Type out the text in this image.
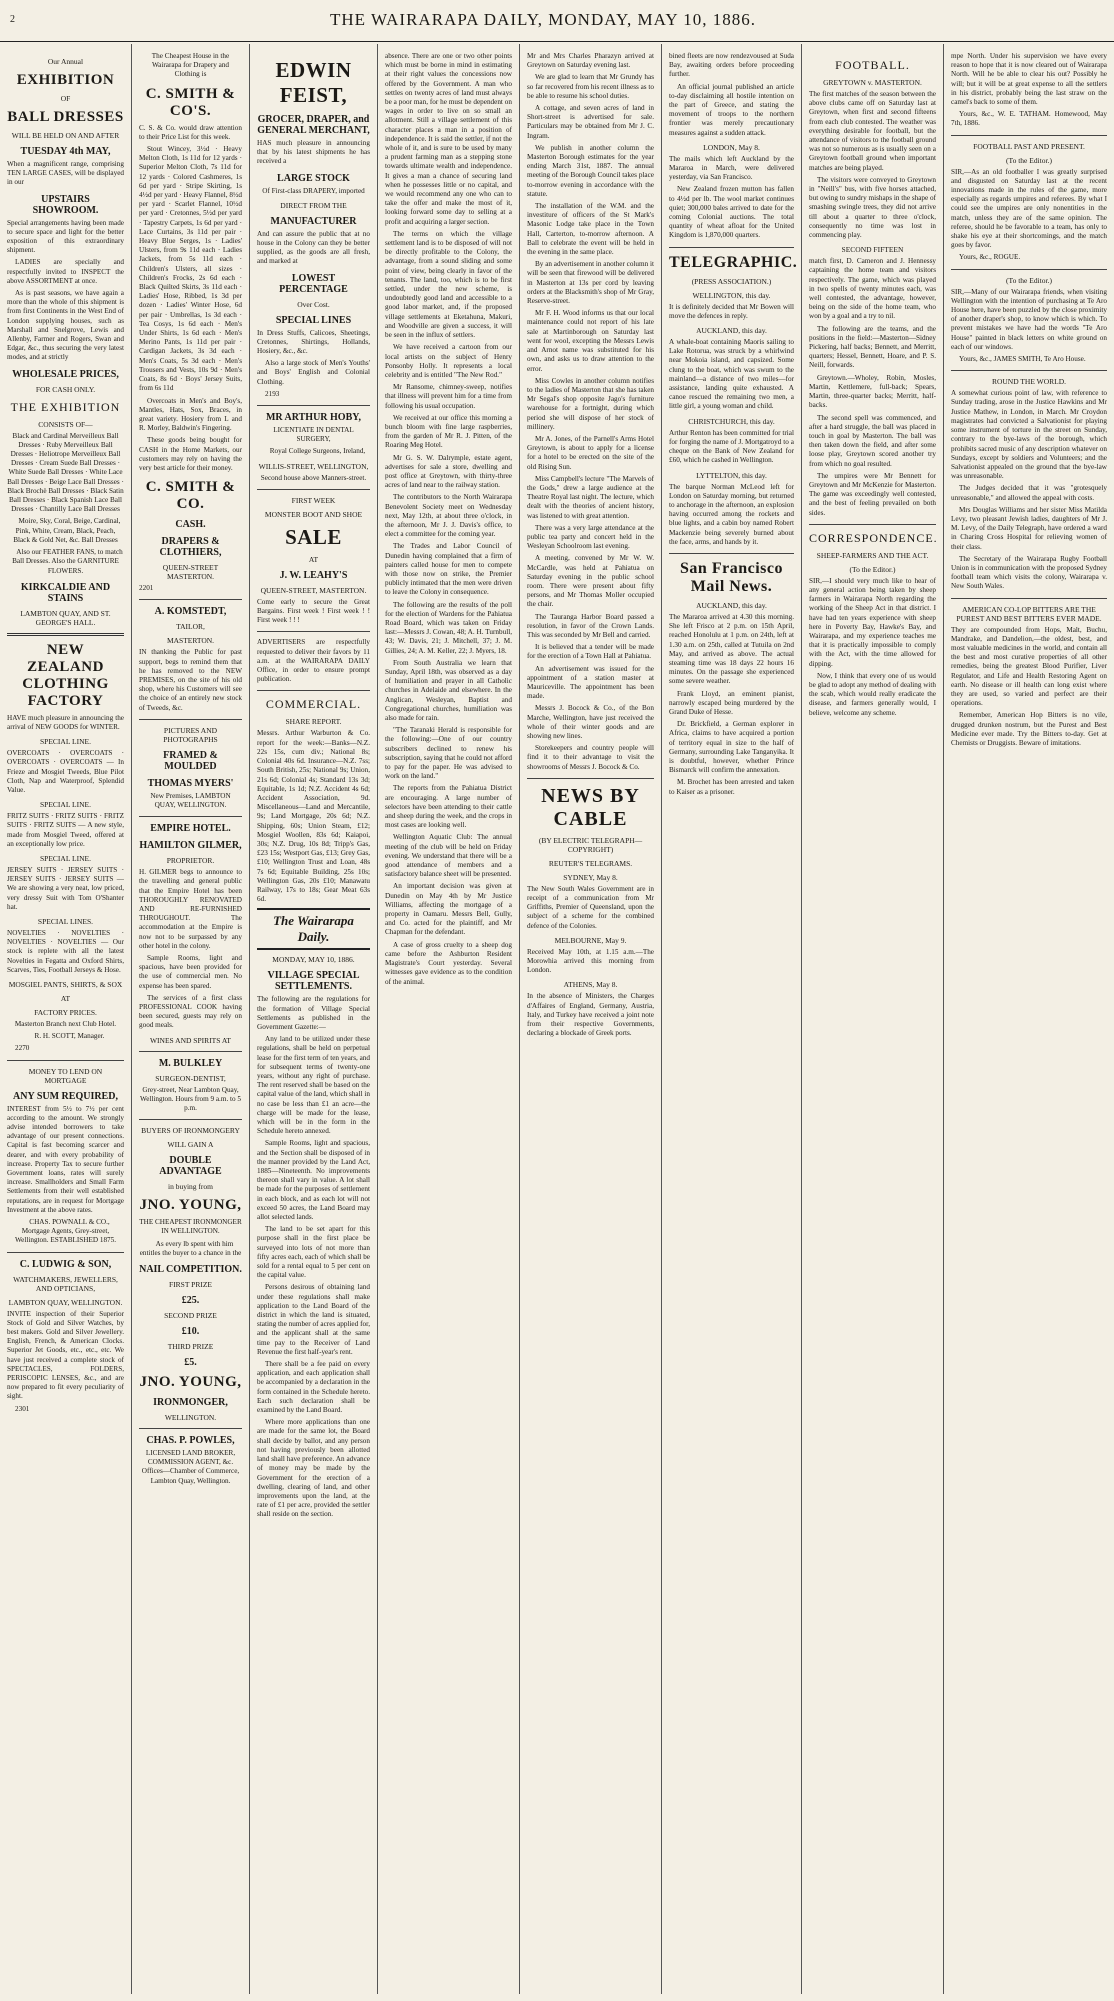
2	THE WAIRARAPA DAILY, MONDAY, MAY 10, 1886.
Our Annual
EXHIBITION
OF
BALL DRESSES
WILL BE HELD ON AND AFTER
TUESDAY 4th MAY,
When a magnificent range, comprising TEN LARGE CASES, will be displayed in our
UPSTAIRS SHOWROOM.
Special arrangements having been made to secure space and light for the better exposition of this extraordinary shipment.
LADIES are specially and respectfully invited to INSPECT the above ASSORTMENT at once.
As is past seasons, we have again a more than the whole of this shipment is from first Continents in the West End of London supplying houses, such as Marshall and Snelgrove, Lewis and Allenby, Farmer and Rogers, Swan and Edgar, &c., thus securing the very latest modes, and at strictly
WHOLESALE PRICES,
FOR CASH ONLY.
THE EXHIBITION
CONSISTS OF—
Black and Cardinal Merveilleux Ball Dresses · Ruby Merveilleux Ball Dresses · Heliotrope Merveilleux Ball Dresses · Cream Suede Ball Dresses · White Suede Ball Dresses · White Lace Ball Dresses · Beige Lace Ball Dresses · Black Brochè Ball Dresses · Black Satin Ball Dresses · Black Spanish Lace Ball Dresses · Chantilly Lace Ball Dresses
Moire, Sky, Coral, Beige, Cardinal, Pink, White, Cream, Black, Peach, Black & Gold Net, &c. Ball Dresses
Also our FEATHER FANS, to match Ball Dresses. Also the GARNITURE FLOWERS.
KIRKCALDIE AND STAINS
LAMBTON QUAY, AND ST. GEORGE'S HALL.
NEW ZEALAND CLOTHING FACTORY
HAVE much pleasure in announcing the arrival of NEW GOODS for WINTER.
SPECIAL LINE.
OVERCOATS · OVERCOATS · OVERCOATS · OVERCOATS — In Frieze and Mosgiel Tweeds, Blue Pilot Cloth, Nap and Waterproof, Splendid Value.
SPECIAL LINE.
FRITZ SUITS · FRITZ SUITS · FRITZ SUITS · FRITZ SUITS — A new style, made from Mosgiel Tweed, offered at an exceptionally low price.
SPECIAL LINE.
JERSEY SUITS · JERSEY SUITS · JERSEY SUITS · JERSEY SUITS — We are showing a very neat, low priced, very dressy Suit with Tom O'Shanter hat.
SPECIAL LINES.
NOVELTIES · NOVELTIES · NOVELTIES · NOVELTIES — Our stock is replete with all the latest Novelties in Fegatta and Oxford Shirts, Scarves, Ties, Football Jerseys & Hose.
MOSGIEL PANTS, SHIRTS, & SOX
AT
FACTORY PRICES.
Masterton Branch next Club Hotel.
R. H. SCOTT, Manager.
2270
MONEY TO LEND ON MORTGAGE
ANY SUM REQUIRED,
INTEREST from 5½ to 7½ per cent according to the amount. We strongly advise intended borrowers to take advantage of our present connections. Capital is fast becoming scarcer and dearer, and with every probability of increase. Property Tax to secure further Government loans, rates will surely increase. Smallholders and Small Farm Settlements from their well established reputations, are in request for Mortgage Investment at the above rates.
CHAS. POWNALL & CO., Mortgage Agents, Grey-street, Wellington. ESTABLISHED 1875.
C. LUDWIG & SON,
WATCHMAKERS, JEWELLERS, AND OPTICIANS,
LAMBTON QUAY, WELLINGTON.
INVITE inspection of their Superior Stock of Gold and Silver Watches, by best makers. Gold and Silver Jewellery. English, French, & American Clocks. Superior Jet Goods, etc., etc., etc. We have just received a complete stock of SPECTACLES, FOLDERS, PERISCOPIC LENSES, &c., and are now prepared to fit every peculiarity of sight.
2301
The Cheapest House in the Wairarapa for Drapery and Clothing is
C. SMITH & CO'S.
C. S. & Co. would draw attention to their Price List for this week.
Stout Wincey, 3½d · Heavy Melton Cloth, 1s 11d for 12 yards · Superior Melton Cloth, 7s 11d for 12 yards · Colored Cashmeres, 1s 6d per yard · Stripe Skirting, 1s 4½d per yard · Heavy Flannel, 8½d per yard · Scarlet Flannel, 10½d per yard · Cretonnes, 5½d per yard · Tapestry Carpets, 1s 6d per yard · Lace Curtains, 3s 11d per pair · Heavy Blue Serges, 1s · Ladies' Ulsters, from 9s 11d each · Ladies Jackets, from 5s 11d each · Children's Ulsters, all sizes · Children's Frocks, 2s 6d each · Black Quilted Skirts, 3s 11d each · Ladies' Hose, Ribbed, 1s 3d per dozen · Ladies' Winter Hose, 6d per pair · Umbrellas, 1s 3d each · Tea Cosys, 1s 6d each · Men's Under Shirts, 1s 6d each · Men's Merino Pants, 1s 11d per pair · Cardigan Jackets, 3s 3d each · Men's Coats, 5s 3d each · Men's Trousers and Vests, 10s 9d · Men's Coats, 8s 6d · Boys' Jersey Suits, from 6s 11d
Overcoats in Men's and Boy's, Mantles, Hats, Sox, Braces, in great variety. Hosiery from L and R. Morley, Baldwin's Fingering.
These goods being bought for CASH in the Home Markets, our customers may rely on having the very best article for their money.
C. SMITH & CO.
CASH.
DRAPERS & CLOTHIERS,
QUEEN-STREET MASTERTON.
2201
A. KOMSTEDT,
TAILOR,
MASTERTON.
IN thanking the Public for past support, begs to remind them that he has removed to the NEW PREMISES, on the site of his old shop, where his Customers will see the choice of an entirely new stock of Tweeds, &c.
PICTURES AND PHOTOGRAPHS
FRAMED & MOULDED
THOMAS MYERS'
New Premises, LAMBTON QUAY, WELLINGTON.
EMPIRE HOTEL.
HAMILTON GILMER,
PROPRIETOR.
H. GILMER begs to announce to the travelling and general public that the Empire Hotel has been THOROUGHLY RENOVATED AND RE-FURNISHED THROUGHOUT. The accommodation at the Empire is now not to be surpassed by any other hotel in the colony.
Sample Rooms, light and spacious, have been provided for the use of commercial men. No expense has been spared.
The services of a first class PROFESSIONAL COOK having been secured, guests may rely on good meals.
WINES AND SPIRITS AT
M. BULKLEY
SURGEON-DENTIST,
Grey-street, Near Lambton Quay, Wellington. Hours from 9 a.m. to 5 p.m.
BUYERS OF IRONMONGERY
WILL GAIN A
DOUBLE ADVANTAGE
in buying from
JNO. YOUNG,
THE CHEAPEST IRONMONGER IN WELLINGTON.
As every lb spent with him entitles the buyer to a chance in the
NAIL COMPETITION.
FIRST PRIZE
£25.
SECOND PRIZE
£10.
THIRD PRIZE
£5.
JNO. YOUNG,
IRONMONGER,
WELLINGTON.
CHAS. P. POWLES,
LICENSED LAND BROKER, COMMISSION AGENT, &c. Offices—Chamber of Commerce, Lambton Quay, Wellington.
EDWIN FEIST,
GROCER, DRAPER, and GENERAL MERCHANT,
HAS much pleasure in announcing that by his latest shipments he has received a
LARGE STOCK
Of First-class DRAPERY, imported
DIRECT FROM THE
MANUFACTURER
And can assure the public that at no house in the Colony can they be better supplied, as the goods are all fresh, and marked at
LOWEST PERCENTAGE
Over Cost.
SPECIAL LINES
In Dress Stuffs, Calicoes, Sheetings, Cretonnes, Shirtings, Hollands, Hosiery, &c., &c.
Also a large stock of Men's Youths' and Boys' English and Colonial Clothing.
2193
MR ARTHUR HOBY,
LICENTIATE IN DENTAL SURGERY,
Royal College Surgeons, Ireland,
WILLIS-STREET, WELLINGTON,
Second house above Manners-street.
FIRST WEEK
MONSTER BOOT AND SHOE
SALE
AT
J. W. LEAHY'S
QUEEN-STREET, MASTERTON.
Come early to secure the Great Bargains. First week ! First week ! ! First week ! ! !
ADVERTISERS are respectfully requested to deliver their favors by 11 a.m. at the WAIRARAPA DAILY Office, in order to ensure prompt publication.
COMMERCIAL.
SHARE REPORT.
Messrs. Arthur Warburton & Co. report for the week:—Banks—N.Z. 22s 15s, cum div.; National 8s; Colonial 40s 6d. Insurance—N.Z. 7ss; South British, 25s; National 9s; Union, 21s 6d; Colonial 4s; Standard 13s 3d; Equitable, 1s 1d; N.Z. Accident 4s 6d; Accident Association, 9d. Miscellaneous—Land and Mercantile, 9s; Land Mortgage, 20s 6d; N.Z. Shipping, 60s; Union Steam, £12; Mosgiel Woollen, 83s 6d; Kaiapoi, 30s; N.Z. Drug, 10s 8d; Tripp's Gas, £23 15s; Westport Gas, £13; Grey Gas, £10; Wellington Trust and Loan, 48s 7s 6d; Equitable Building, 25s 10s; Wellington Gas, 20s £10; Manawatu Railway, 17s to 18s; Gear Meat 63s 6d.
The Wairarapa Daily.
MONDAY, MAY 10, 1886.
VILLAGE SPECIAL SETTLEMENTS.
The following are the regulations for the formation of Village Special Settlements as published in the Government Gazette:—
Any land to be utilized under these regulations, shall be held on perpetual lease for the first term of ten years, and for subsequent terms of twenty-one years, without any right of purchase. The rent reserved shall be based on the capital value of the land, which shall in no case be less than £1 an acre—the charge will be made for the lease, which will be in the form in the Schedule hereto annexed.
Sample Rooms, light and spacious, and the Section shall be disposed of in the manner provided by the Land Act, 1885—Nineteenth. No improvements thereon shall vary in value. A lot shall be made for the purposes of settlement in each block, and as each lot will not exceed 50 acres, the Land Board may allot selected lands.
The land to be set apart for this purpose shall in the first place be surveyed into lots of not more than fifty acres each, each of which shall be sold for a rental equal to 5 per cent on the capital value.
Persons desirous of obtaining land under these regulations shall make application to the Land Board of the district in which the land is situated, stating the number of acres applied for, and the applicant shall at the same time pay to the Receiver of Land Revenue the first half-year's rent.
There shall be a fee paid on every application, and each application shall be accompanied by a declaration in the form contained in the Schedule hereto. Each such declaration shall be examined by the Land Board.
Where more applications than one are made for the same lot, the Board shall decide by ballot, and any person not having previously been allotted land shall have preference. An advance of money may be made by the Government for the erection of a dwelling, clearing of land, and other improvements upon the land, at the rate of £1 per acre, provided the settler shall reside on the section.
absence. There are one or two other points which must be borne in mind in estimating at their right values the concessions now offered by the Government. A man who settles on twenty acres of land must always be a poor man, for he must be dependent on wages in order to live on so small an allotment. Still a village settlement of this character places a man in a position of independence. It is said the settler, if not the whole of it, and is sure to be used by many a prudent farming man as a stepping stone towards ultimate wealth and independence. It gives a man a chance of securing land when he possesses little or no capital, and we would recommend any one who can to take the offer and make the most of it, looking forward some day to selling at a profit and acquiring a larger section.
The terms on which the village settlement land is to be disposed of will not be directly profitable to the Colony, the advantage, from a sound sliding and some point of view, being clearly in favor of the tenants. The land, too, which is to be first settled, under the new scheme, is undoubtedly good land and accessible to a good labor market, and, if the proposed village settlements at Eketahuna, Makuri, and Woodville are given a success, it will be seen in the influx of settlers.
We have received a cartoon from our local artists on the subject of Henry Ponsonby Holly. It represents a local celebrity and is entitled "The New Rod."
Mr Ransome, chimney-sweep, notifies that illness will prevent him for a time from following his usual occupation.
We received at our office this morning a bunch bloom with fine large raspberries, from the garden of Mr R. J. Pitten, of the Roaring Meg Hotel.
Mr G. S. W. Dalrymple, estate agent, advertises for sale a store, dwelling and post office at Greytown, with thirty-three acres of land near to the railway station.
The contributors to the North Wairarapa Benevolent Society meet on Wednesday next, May 12th, at about three o'clock, in the afternoon, Mr J. J. Davis's office, to elect a committee for the coming year.
The Trades and Labor Council of Dunedin having complained that a firm of painters called house for men to compete with those now on strike, the Premier publicly intimated that the men were driven to leave the Colony in consequence.
The following are the results of the poll for the election of Wardens for the Pahiatua Road Board, which was taken on Friday last:—Messrs J. Cowan, 48; A. H. Turnbull, 43; W. Davis, 21; J. Mitchell, 37; J. M. Gillies, 24; A. M. Keller, 22; J. Myers, 18.
From South Australia we learn that Sunday, April 18th, was observed as a day of humiliation and prayer in all Catholic churches in Adelaide and elsewhere. In the Anglican, Wesleyan, Baptist and Congregational churches, humiliation was also made for rain.
"The Taranaki Herald is responsible for the following:—One of our country subscribers declined to renew his subscription, saying that he could not afford to pay for the paper. He was advised to work on the land."
The reports from the Pahiatua District are encouraging. A large number of selectors have been attending to their cattle and sheep during the week, and the crops in most cases are looking well.
Wellington Aquatic Club: The annual meeting of the club will be held on Friday evening. We understand that there will be a good attendance of members and a satisfactory balance sheet will be presented.
An important decision was given at Dunedin on May 4th by Mr Justice Williams, affecting the mortgage of a property in Oamaru. Messrs Bell, Gully, and Co. acted for the plaintiff, and Mr Chapman for the defendant.
A case of gross cruelty to a sheep dog came before the Ashburton Resident Magistrate's Court yesterday. Several witnesses gave evidence as to the condition of the animal.
Mr and Mrs Charles Pharazyn arrived at Greytown on Saturday evening last.
We are glad to learn that Mr Grundy has so far recovered from his recent illness as to be able to resume his school duties.
A cottage, and seven acres of land in Short-street is advertised for sale. Particulars may be obtained from Mr J. C. Ingram.
We publish in another column the Masterton Borough estimates for the year ending March 31st, 1887. The annual meeting of the Borough Council takes place to-morrow evening in accordance with the statute.
The installation of the W.M. and the investiture of officers of the St Mark's Masonic Lodge take place in the Town Hall, Carterton, to-morrow afternoon. A Ball to celebrate the event will be held in the evening in the same place.
By an advertisement in another column it will be seen that firewood will be delivered in Masterton at 13s per cord by leaving orders at the Blacksmith's shop of Mr Gray, Reserve-street.
Mr F. H. Wood informs us that our local maintenance could not report of his late sale at Martinborough on Saturday last went for wool, excepting the Messrs Lewis and Arnot name was substituted for his own, and asks us to draw attention to the error.
Miss Cowles in another column notifies to the ladies of Masterton that she has taken Mr Segal's shop opposite Jago's furniture warehouse for a fortnight, during which period she will dispose of her stock of millinery.
Mr A. Jones, of the Parnell's Arms Hotel Greytown, is about to apply for a license for a hotel to be erected on the site of the old Rising Sun.
Miss Campbell's lecture "The Marvels of the Gods," drew a large audience at the Theatre Royal last night. The lecture, which dealt with the theories of ancient history, was listened to with great attention.
There was a very large attendance at the public tea party and concert held in the Wesleyan Schoolroom last evening.
A meeting, convened by Mr W. W. McCardle, was held at Pahiatua on Saturday evening in the public school room. There were present about fifty persons, and Mr Thomas Moller occupied the chair.
The Tauranga Harbor Board passed a resolution, in favor of the Crown Lands. This was seconded by Mr Bell and carried.
It is believed that a tender will be made for the erection of a Town Hall at Pahiatua.
An advertisement was issued for the appointment of a station master at Mauriceville. The appointment has been made.
Messrs J. Bocock & Co., of the Bon Marche, Wellington, have just received the whole of their winter goods and are showing new lines.
Storekeepers and country people will find it to their advantage to visit the showrooms of Messrs J. Bocock & Co.
NEWS BY CABLE
(BY ELECTRIC TELEGRAPH—COPYRIGHT)
REUTER'S TELEGRAMS.
SYDNEY, May 8.
The New South Wales Government are in receipt of a communication from Mr Griffiths, Premier of Queensland, upon the subject of a scheme for the combined defence of the Colonies.
MELBOURNE, May 9.
Received May 10th, at 1.15 a.m.—The Morowhia arrived this morning from London.
ATHENS, May 8.
In the absence of Ministers, the Charges d'Affaires of England, Germany, Austria, Italy, and Turkey have received a joint note from their respective Governments, declaring a blockade of Greek ports.
bined fleets are now rendezvoused at Suda Bay, awaiting orders before proceeding further.
An official journal published an article to-day disclaiming all hostile intention on the part of Greece, and stating the movement of troops to the northern frontier was merely precautionary measures against a sudden attack.
LONDON, May 8.
The mails which left Auckland by the Mararoa in March, were delivered yesterday, via San Francisco.
New Zealand frozen mutton has fallen to 4½d per lb. The wool market continues quiet; 300,000 bales arrived to date for the coming Colonial auctions. The total quantity of wheat afloat for the United Kingdom is 1,870,000 quarters.
TELEGRAPHIC.
(PRESS ASSOCIATION.)
WELLINGTON, this day.
It is definitely decided that Mr Bowen will move the defences in reply.
AUCKLAND, this day.
A whale-boat containing Maoris sailing to Lake Rotorua, was struck by a whirlwind near Mokoia island, and capsized. Some clung to the boat, which was swum to the mainland—a distance of two miles—for assistance, landing quite exhausted. A canoe rescued the remaining two men, a little girl, a young woman and child.
CHRISTCHURCH, this day.
Arthur Renton has been committed for trial for forging the name of J. Mortgatroyd to a cheque on the Bank of New Zealand for £60, which he cashed in Wellington.
LYTTELTON, this day.
The barque Norman McLeod left for London on Saturday morning, but returned to anchorage in the afternoon, an explosion having occurred among the rockets and blue lights, and a cabin boy named Robert Mackenzie being severely burned about the face, arms, and hands by it.
San Francisco Mail News.
AUCKLAND, this day.
The Mararoa arrived at 4.30 this morning. She left Frisco at 2 p.m. on 15th April, reached Honolulu at 1 p.m. on 24th, left at 1.30 a.m. on 25th, called at Tutuila on 2nd May, and arrived as above. The actual steaming time was 18 days 22 hours 16 minutes. On the passage she experienced some severe weather.
Frank Lloyd, an eminent pianist, narrowly escaped being murdered by the Grand Duke of Hesse.
Dr. Brickfield, a German explorer in Africa, claims to have acquired a portion of territory equal in size to the half of Germany, surrounding Lake Tanganyika. It is doubtful, however, whether Prince Bismarck will confirm the annexation.
M. Brochet has been arrested and taken to Kaiser as a prisoner.
FOOTBALL.
GREYTOWN v. MASTERTON.
The first matches of the season between the above clubs came off on Saturday last at Greytown, when first and second fifteens from each club contested. The weather was everything desirable for football, but the attendance of visitors to the football ground was not so numerous as is usually seen on a Greytown football ground when important matches are being played.
The visitors were conveyed to Greytown in "Neill's" bus, with five horses attached, but owing to sundry mishaps in the shape of smashing swingle trees, they did not arrive till about a quarter to three o'clock, consequently no time was lost in commencing play.
SECOND FIFTEEN
match first, D. Cameron and J. Hennessy captaining the home team and visitors respectively. The game, which was played in two spells of twenty minutes each, was well contested, the advantage, however, being on the side of the home team, who won by a goal and a try to nil.
The following are the teams, and the positions in the field:—Masterton—Sidney Pickering, half backs; Bennett, and Merritt, quarters; Hessel, Bennett, Hoare, and P. S. Neill, forwards.
Greytown.—Wholey, Robin, Mosles, Martin, Kettlemere, full-back; Spears, Martin, three-quarter backs; Merritt, half-backs.
The second spell was commenced, and after a hard struggle, the ball was placed in touch in goal by Masterton. The ball was then taken down the field, and after some loose play, Greytown scored another try from which no goal resulted.
The umpires were Mr Bennett for Greytown and Mr McKenzie for Masterton. The game was exceedingly well contested, and the best of feeling prevailed on both sides.
CORRESPONDENCE.
SHEEP-FARMERS AND THE ACT.
(To the Editor.)
SIR,—I should very much like to hear of any general action being taken by sheep farmers in Wairarapa North regarding the working of the Sheep Act in that district. I have had ten years experience with sheep here in Poverty Bay, Hawke's Bay, and Wairarapa, and my experience teaches me that it is practically impossible to comply with the Act, with the time allowed for dipping.
Now, I think that every one of us would be glad to adopt any method of dealing with the scab, which would really eradicate the disease, and farmers generally would, I believe, welcome any scheme.
mpe North. Under his supervision we have every reason to hope that it is now cleared out of Wairarapa North. Will he be able to clear his out? Possibly he will; but it will be at great expense to all the settlers in his district, probably being the last straw on the camel's back to some of them.
Yours, &c., W. E. TATHAM. Homewood, May 7th, 1886.
FOOTBALL PAST AND PRESENT.
(To the Editor.)
SIR,—As an old footballer I was greatly surprised and disgusted on Saturday last at the recent innovations made in the rules of the game, more especially as regards umpires and referees. By what I could see the umpires are only nonentities in the match, unless they are of the same opinion. The referee, should he be favorable to a team, has only to shake his eye at their shortcomings, and the match goes by favor.
Yours, &c., ROGUE.
(To the Editor.)
SIR,—Many of our Wairarapa friends, when visiting Wellington with the intention of purchasing at Te Aro House here, have been puzzled by the close proximity of another draper's shop, to know which is which. To prevent mistakes we have had the words "Te Aro House" painted in black letters on white ground on each of our windows.
Yours, &c., JAMES SMITH, Te Aro House.
ROUND THE WORLD.
A somewhat curious point of law, with reference to Sunday trading, arose in the Justice Hawkins and Mr Justice Mathew, in London, in March. Mr Croydon magistrates had convicted a Salvationist for playing some instrument of torture in the street on Sunday, contrary to the bye-laws of the borough, which prohibits sacred music of any description whatever on Sundays, except by soldiers and Volunteers; and the Salvationist appealed on the ground that the bye-law was unreasonable.
The Judges decided that it was "grotesquely unreasonable," and allowed the appeal with costs.
Mrs Douglas Williams and her sister Miss Matilda Levy, two pleasant Jewish ladies, daughters of Mr J. M. Levy, of the Daily Telegraph, have ordered a ward in Charing Cross Hospital for relieving women of their class.
The Secretary of the Wairarapa Rugby Football Union is in communication with the proposed Sydney football team which visits the colony, Wairarapa v. New South Wales.
AMERICAN CO-LOP BITTERS ARE THE PUREST AND BEST BITTERS EVER MADE.
They are compounded from Hops, Malt, Buchu, Mandrake, and Dandelion,—the oldest, best, and most valuable medicines in the world, and contain all the best and most curative properties of all other remedies, being the greatest Blood Purifier, Liver Regulator, and Life and Health Restoring Agent on earth. No disease or ill health can long exist where they are used, so varied and perfect are their operations.
Remember, American Hop Bitters is no vile, drugged drunken nostrum, but the Purest and Best Medicine ever made. Try the Bitters to-day. Get at Chemists or Druggists. Beware of imitations.
